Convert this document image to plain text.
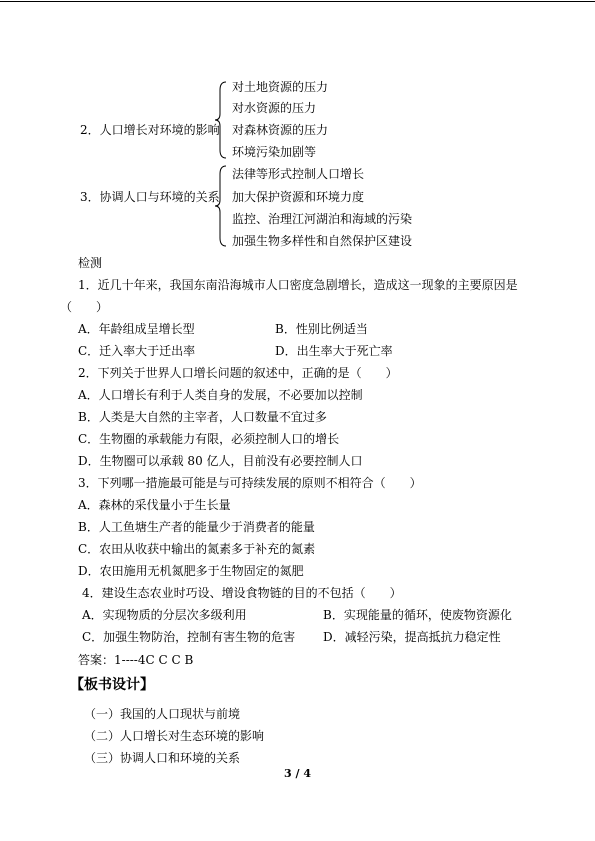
2．人口增长对环境的影响
对土地资源的压力
对水资源的压力
对森林资源的压力
环境污染加剧等
3．协调人口与环境的关系
法律等形式控制人口增长
加大保护资源和环境力度
监控、治理江河湖泊和海域的污染
加强生物多样性和自然保护区建设
检测
1．近几十年来，我国东南沿海城市人口密度急剧增长，造成这一现象的主要原因是
（　　）
A．年龄组成呈增长型	B．性别比例适当
C．迁入率大于迁出率	D．出生率大于死亡率
2．下列关于世界人口增长问题的叙述中，正确的是（　　）
A．人口增长有利于人类自身的发展，不必要加以控制
B．人类是大自然的主宰者，人口数量不宜过多
C．生物圈的承载能力有限，必须控制人口的增长
D．生物圈可以承载 80 亿人，目前没有必要控制人口
3．下列哪一措施最可能是与可持续发展的原则不相符合（　　）
A．森林的采伐量小于生长量
B．人工鱼塘生产者的能量少于消费者的能量
C．农田从收获中输出的氮素多于补充的氮素
D．农田施用无机氮肥多于生物固定的氮肥
4．建设生态农业时巧设、增设食物链的目的不包括（　　）
A．实现物质的分层次多级利用	B．实现能量的循环，使废物资源化
C．加强生物防治，控制有害生物的危害 D．减轻污染，提高抵抗力稳定性
答案：1----4C C C B
【板书设计】
（一）我国的人口现状与前境
（二）人口增长对生态环境的影响
（三）协调人口和环境的关系
3 / 4
